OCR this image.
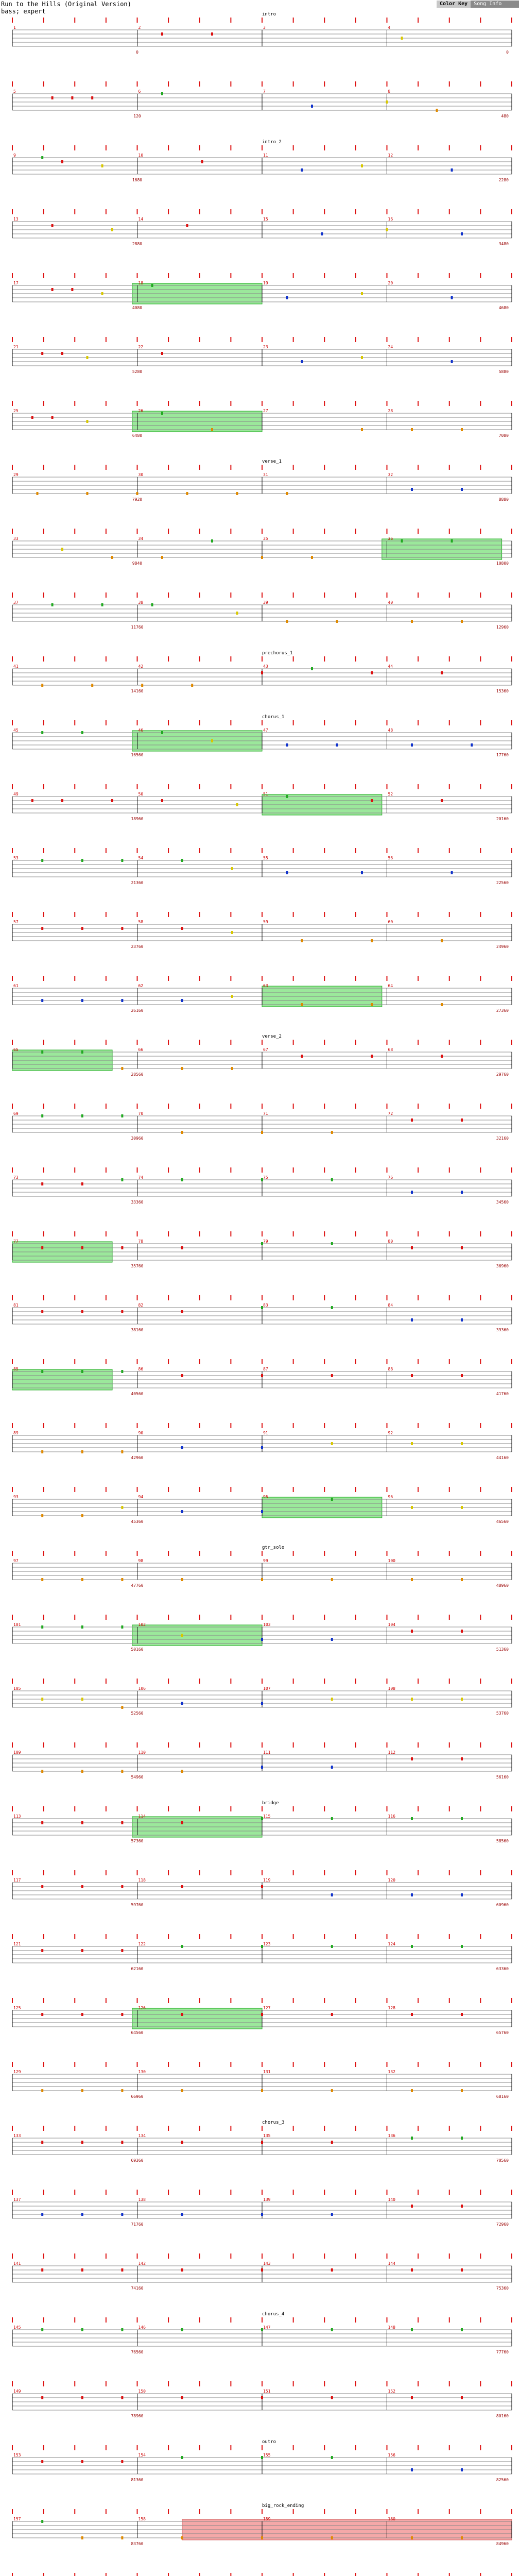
Run to the Hills (Original Version)
bass; expert
Color Key	Song Info
1	2	3	4
intro
0	0
5	6	7	8
120	480
9	10	11	12
intro_2
1680	2280
13	14	15	16
2880	3480
17	18	19	20
4080	4680
21	22	23	24
5280	5880
25	26	27	28
6480	7080
29	30	31	32
verse_1
7920	8880
33	34	35	36
9840	10800
37	38	39	40
11760	12960
41	42	43	44
prechorus_1
14160	15360
45	46	47	48
chorus_1
16560	17760
49	50	51	52
18960	20160
53	54	55	56
21360	22560
57	58	59	60
23760	24960
61	62	63	64
26160	27360
65	66	67	68
verse_2
28560	29760
69	70	71	72
30960	32160
73	74	75	76
33360	34560
77	78	79	80
35760	36960
81	82	83	84
38160	39360
85	86	87	88
40560	41760
89	90	91	92
42960	44160
93	94	95	96
45360	46560
97	98	99	100
gtr_solo
47760	48960
101	102	103	104
50160	51360
105	106	107	108
52560	53760
109	110	111	112
54960	56160
113	114	115	116
bridge
57360	58560
117	118	119	120
59760	60960
121	122	123	124
62160	63360
125	126	127	128
64560	65760
129	130	131	132
66960	68160
133	134	135	136
chorus_3
69360	70560
137	138	139	140
71760	72960
141	142	143	144
74160	75360
145	146	147	148
chorus_4
76560	77760
149	150	151	152
78960	80160
153	154	155	156
outro
81360	82560
157	158	159	160
big_rock_ending
83760	84960
